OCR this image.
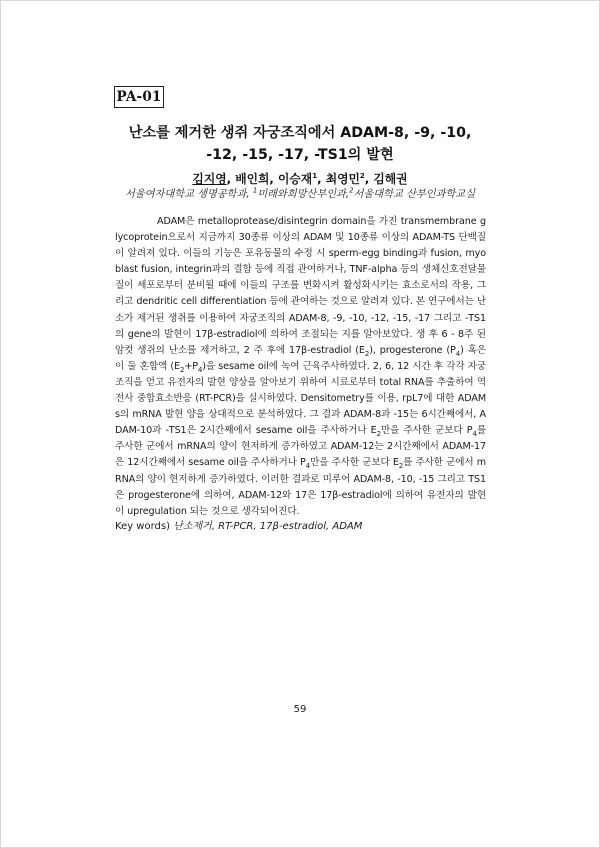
PA-01
난소를 제거한 생쥐 자궁조직에서 ADAM-8, -9, -10,
-12, -15, -17, -TS1의 발현
김지영, 배인희, 이승재$^1$, 최영민$^2$, 김해권
서울여자대학교 생명공학과, $^1$미래와희망산부인과,$^2$서울대학교 산부인과학교실

ADAM은 metalloprotease/disintegrin domain을 가진 transmembrane glycoprotein으로서 지금까지 30종류 이상의 ADAM 및 10종류 이상의 ADAM-TS 단백질이 알려져 있다. 이들의 기능은 포유동물의 수정 시 sperm-egg binding과 fusion, myoblast fusion, integrin과의 결합 등에 직접 관여하거나, TNF-alpha 등의 생체신호전달물질이 세포로부터 분비될 때에 이들의 구조를 변화시켜 활성화시키는 효소로서의 작용, 그리고 dendritic cell differentiation 등에 관여하는 것으로 알려져 있다. 본 연구에서는 난소가 제거된 생쥐를 이용하여 자궁조직의 ADAM-8, -9, -10, -12, -15, -17 그리고 -TS1의 gene의 발현이 17β-estradiol에 의하여 조절되는 지를 알아보았다. 생 후 6 - 8주 된 암컷 생쥐의 난소를 제거하고, 2 주 후에 17β-estradiol $(E_2)$, progesterone $(P_4)$ 혹은 이 둘 혼합액 $(E_2+P_4)$을 sesame oil에 녹여 근육주사하였다. 2, 6, 12 시간 후 각각 자궁 조직을 얻고 유전자의 발현 양상을 알아보기 위하여 시료로부터 total RNA를 추출하여 역전사 중합효소반응 (RT-PCR)을 실시하였다. Densitometry를 이용, rpL7에 대한 ADAMs의 mRNA 발현 양을 상대적으로 분석하였다. 그 결과 ADAM-8과 -15는 6시간째에서, ADAM-10과 -TS1은 2시간째에서 sesame oil을 주사하거나 $E_2$만을 주사한 군보다 $P_4$를 주사한 군에서 mRNA의 양이 현저하게 증가하였고 ADAM-12는 2시간째에서 ADAM-17은 12시간째에서 sesame oil을 주사하거나 $P_4$만을 주사한 군보다 $E_2$를 주사한 군에서 mRNA의 양이 현저하게 증가하였다. 이러한 결과로 미루어 ADAM-8, -10, -15 그리고 TS1은 progesterone에 의하여, ADAM-12와 17은 17β-estradiol에 의하여 유전자의 발현이 upregulation 되는 것으로 생각되어진다.

Key words) 난소제거, RT-PCR, 17β-estradiol, ADAM
59
